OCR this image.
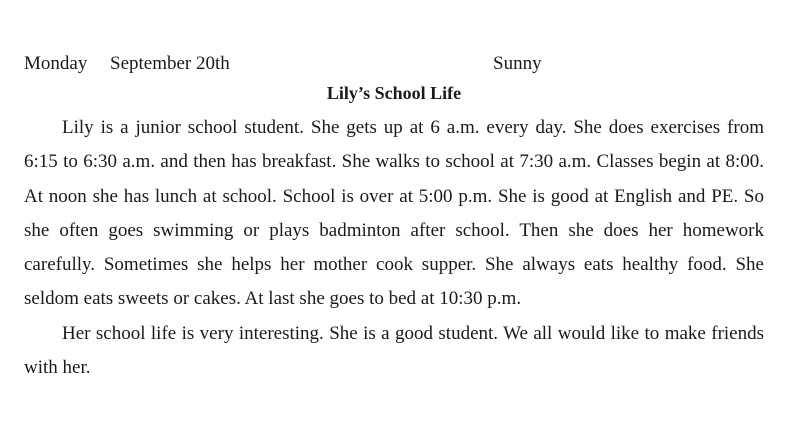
Monday September 20th	Sunny
Lily’s School Life

Lily is a junior school student. She gets up at 6 a.m. every day. She does exercises from 6:15 to 6:30 a.m. and then has breakfast. She walks to school at 7:30 a.m. Classes begin at 8:00. At noon she has lunch at school. School is over at 5:00 p.m. She is good at English and PE. So she often goes swimming or plays badminton after school. Then she does her homework carefully. Sometimes she helps her mother cook supper. She always eats healthy food. She seldom eats sweets or cakes. At last she goes to bed at 10:30 p.m.

Her school life is very interesting. She is a good student. We all would like to make friends with her.
